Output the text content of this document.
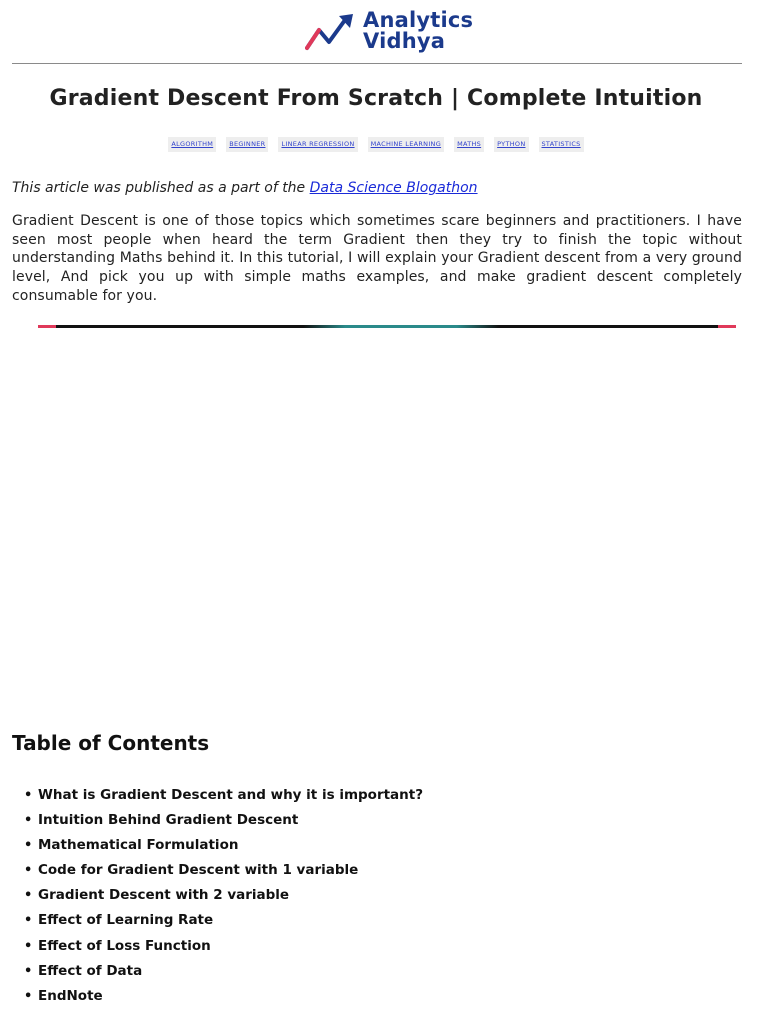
Analytics
Vidhya
Gradient Descent From Scratch | Complete Intuition
ALGORITHM BEGINNER LINEAR REGRESSION MACHINE LEARNING MATHS PYTHON STATISTICS

This article was published as a part of the Data Science Blogathon

Gradient Descent is one of those topics which sometimes scare beginners and practitioners. I have seen most people when heard the term Gradient then they try to finish the topic without understanding Maths behind it. In this tutorial, I will explain your Gradient descent from a very ground level, And pick you up with simple maths examples, and make gradient descent completely consumable for you.

Table of Contents
• What is Gradient Descent and why it is important?
• Intuition Behind Gradient Descent
• Mathematical Formulation
• Code for Gradient Descent with 1 variable
• Gradient Descent with 2 variable
• Effect of Learning Rate
• Effect of Loss Function
• Effect of Data
• EndNote
